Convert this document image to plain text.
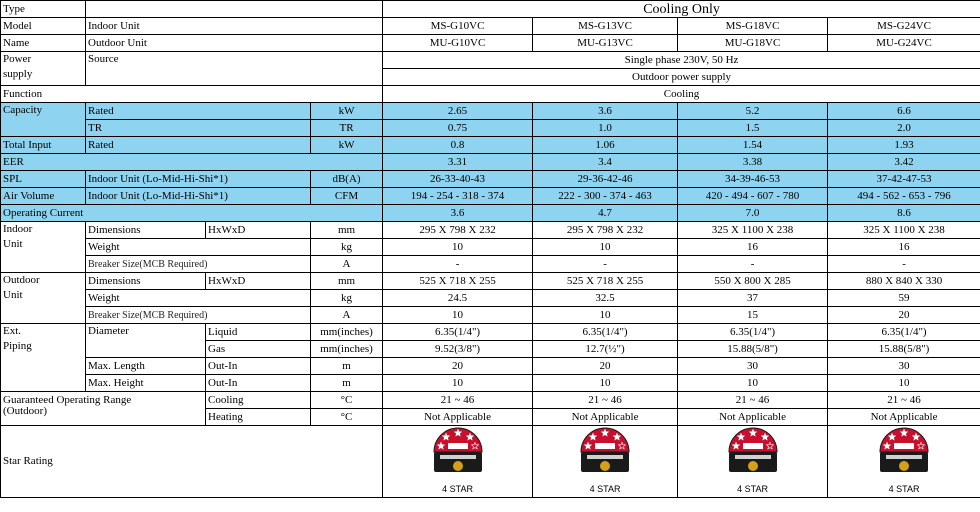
Type				Cooling Only			
Model	Indoor Unit			MS-G10VC	MS-G13VC	MS-G18VC	MS-G24VC
Name	Outdoor Unit			MU-G10VC	MU-G13VC	MU-G18VC	MU-G24VC
Power
supply	Source			Single phase 230V, 50 Hz			
				Outdoor power supply			
Function				Cooling			
Capacity	Rated		kW	2.65	3.6	5.2	6.6
	TR		TR	0.75	1.0	1.5	2.0
Total Input	Rated		kW	0.8	1.06	1.54	1.93
EER				3.31	3.4	3.38	3.42
SPL	Indoor Unit (Lo-Mid-Hi-Shi*1)		dB(A)	26-33-40-43	29-36-42-46	34-39-46-53	37-42-47-53
Air Volume	Indoor Unit (Lo-Mid-Hi-Shi*1)		CFM	194 - 254 - 318 - 374	222 - 300 - 374 - 463	420 - 494 - 607 - 780	494 - 562 - 653 - 796
Operating Current				3.6	4.7	7.0	8.6
Indoor
Unit	Dimensions	HxWxD	mm	295 X 798 X 232	295 X 798 X 232	325 X 1100 X 238	325 X 1100 X 238
	Weight		kg	10	10	16	16
	Breaker Size(MCB Required)		A	-	-	-	-
Outdoor
Unit	Dimensions	HxWxD	mm	525 X 718 X 255	525 X 718 X 255	550 X 800 X 285	880 X 840 X 330
	Weight		kg	24.5	32.5	37	59
	Breaker Size(MCB Required)		A	10	10	15	20
Ext.
Piping	Diameter	Liquid	mm(inches)	6.35(1/4")	6.35(1/4")	6.35(1/4")	6.35(1/4")
		Gas	mm(inches)	9.52(3/8")	12.7(½")	15.88(5/8")	15.88(5/8")
	Max. Length	Out-In	m	20	20	30	30
	Max. Height	Out-In	m	10	10	10	10
Guaranteed Operating Range
(Outdoor)		Cooling	°C	21 ~ 46	21 ~ 46	21 ~ 46	21 ~ 46
		Heating	°C	Not Applicable	Not Applicable	Not Applicable	Not Applicable
Star Rating				4 STAR	4 STAR	4 STAR	4 STAR
